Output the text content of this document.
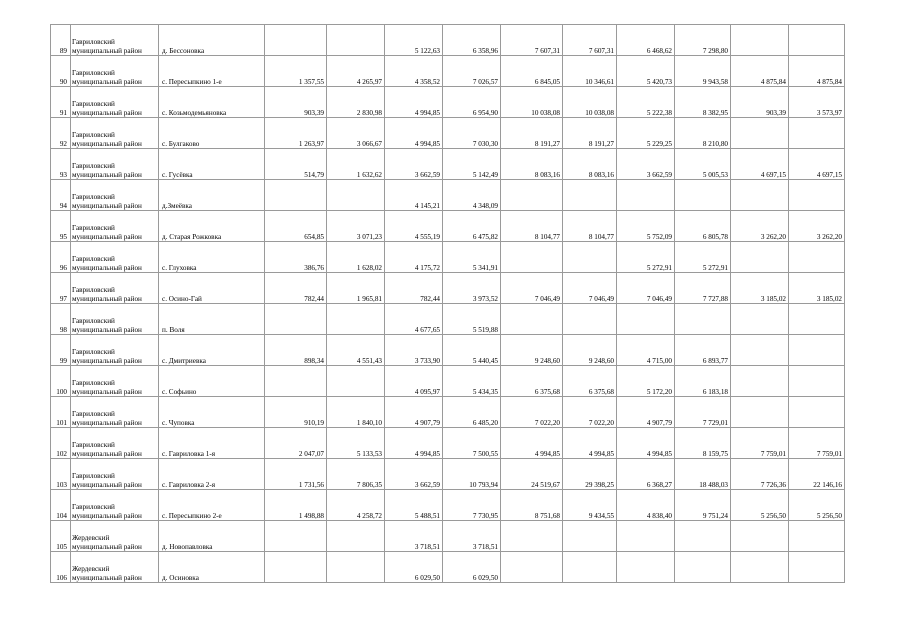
89	Гавриловский муниципальный район	д. Бессоновка			5 122,63	6 358,96	7 607,31	7 607,31	6 468,62	7 298,80		
90	Гавриловский муниципальный район	с. Пересыпкино 1-е	1 357,55	4 265,97	4 358,52	7 026,57	6 845,05	10 346,61	5 420,73	9 943,58	4 875,84	4 875,84
91	Гавриловский муниципальный район	с. Козьмодемьяновка	903,39	2 830,98	4 994,85	6 954,90	10 038,08	10 038,08	5 222,38	8 382,95	903,39	3 573,97
92	Гавриловский муниципальный район	с. Булгаково	1 263,97	3 066,67	4 994,85	7 030,30	8 191,27	8 191,27	5 229,25	8 210,80		
93	Гавриловский муниципальный район	с. Гусёвка	514,79	1 632,62	3 662,59	5 142,49	8 083,16	8 083,16	3 662,59	5 005,53	4 697,15	4 697,15
94	Гавриловский муниципальный район	д.Змеёвка			4 145,21	4 348,09						
95	Гавриловский муниципальный район	д. Старая Рожковка	654,85	3 071,23	4 555,19	6 475,82	8 104,77	8 104,77	5 752,09	6 805,78	3 262,20	3 262,20
96	Гавриловский муниципальный район	с. Глуховка	386,76	1 628,02	4 175,72	5 341,91			5 272,91	5 272,91		
97	Гавриловский муниципальный район	с. Осино-Гай	782,44	1 965,81	782,44	3 973,52	7 046,49	7 046,49	7 046,49	7 727,88	3 185,02	3 185,02
98	Гавриловский муниципальный район	п. Воля			4 677,65	5 519,88						
99	Гавриловский муниципальный район	с. Дмитриевка	898,34	4 551,43	3 733,90	5 440,45	9 248,60	9 248,60	4 715,00	6 893,77		
100	Гавриловский муниципальный район	с. Софьино			4 095,97	5 434,35	6 375,68	6 375,68	5 172,20	6 183,18		
101	Гавриловский муниципальный район	с. Чуповка	910,19	1 840,10	4 907,79	6 485,20	7 022,20	7 022,20	4 907,79	7 729,01		
102	Гавриловский муниципальный район	с. Гавриловка 1-я	2 047,07	5 133,53	4 994,85	7 500,55	4 994,85	4 994,85	4 994,85	8 159,75	7 759,01	7 759,01
103	Гавриловский муниципальный район	с. Гавриловка 2-я	1 731,56	7 806,35	3 662,59	10 793,94	24 519,67	29 398,25	6 368,27	18 488,03	7 726,36	22 146,16
104	Гавриловский муниципальный район	с. Пересыпкино 2-е	1 498,88	4 258,72	5 488,51	7 730,95	8 751,68	9 434,55	4 838,40	9 751,24	5 256,50	5 256,50
105	Жердевский муниципальный район	д. Новопавловка			3 718,51	3 718,51						
106	Жердевский муниципальный район	д. Осиновка			6 029,50	6 029,50						
